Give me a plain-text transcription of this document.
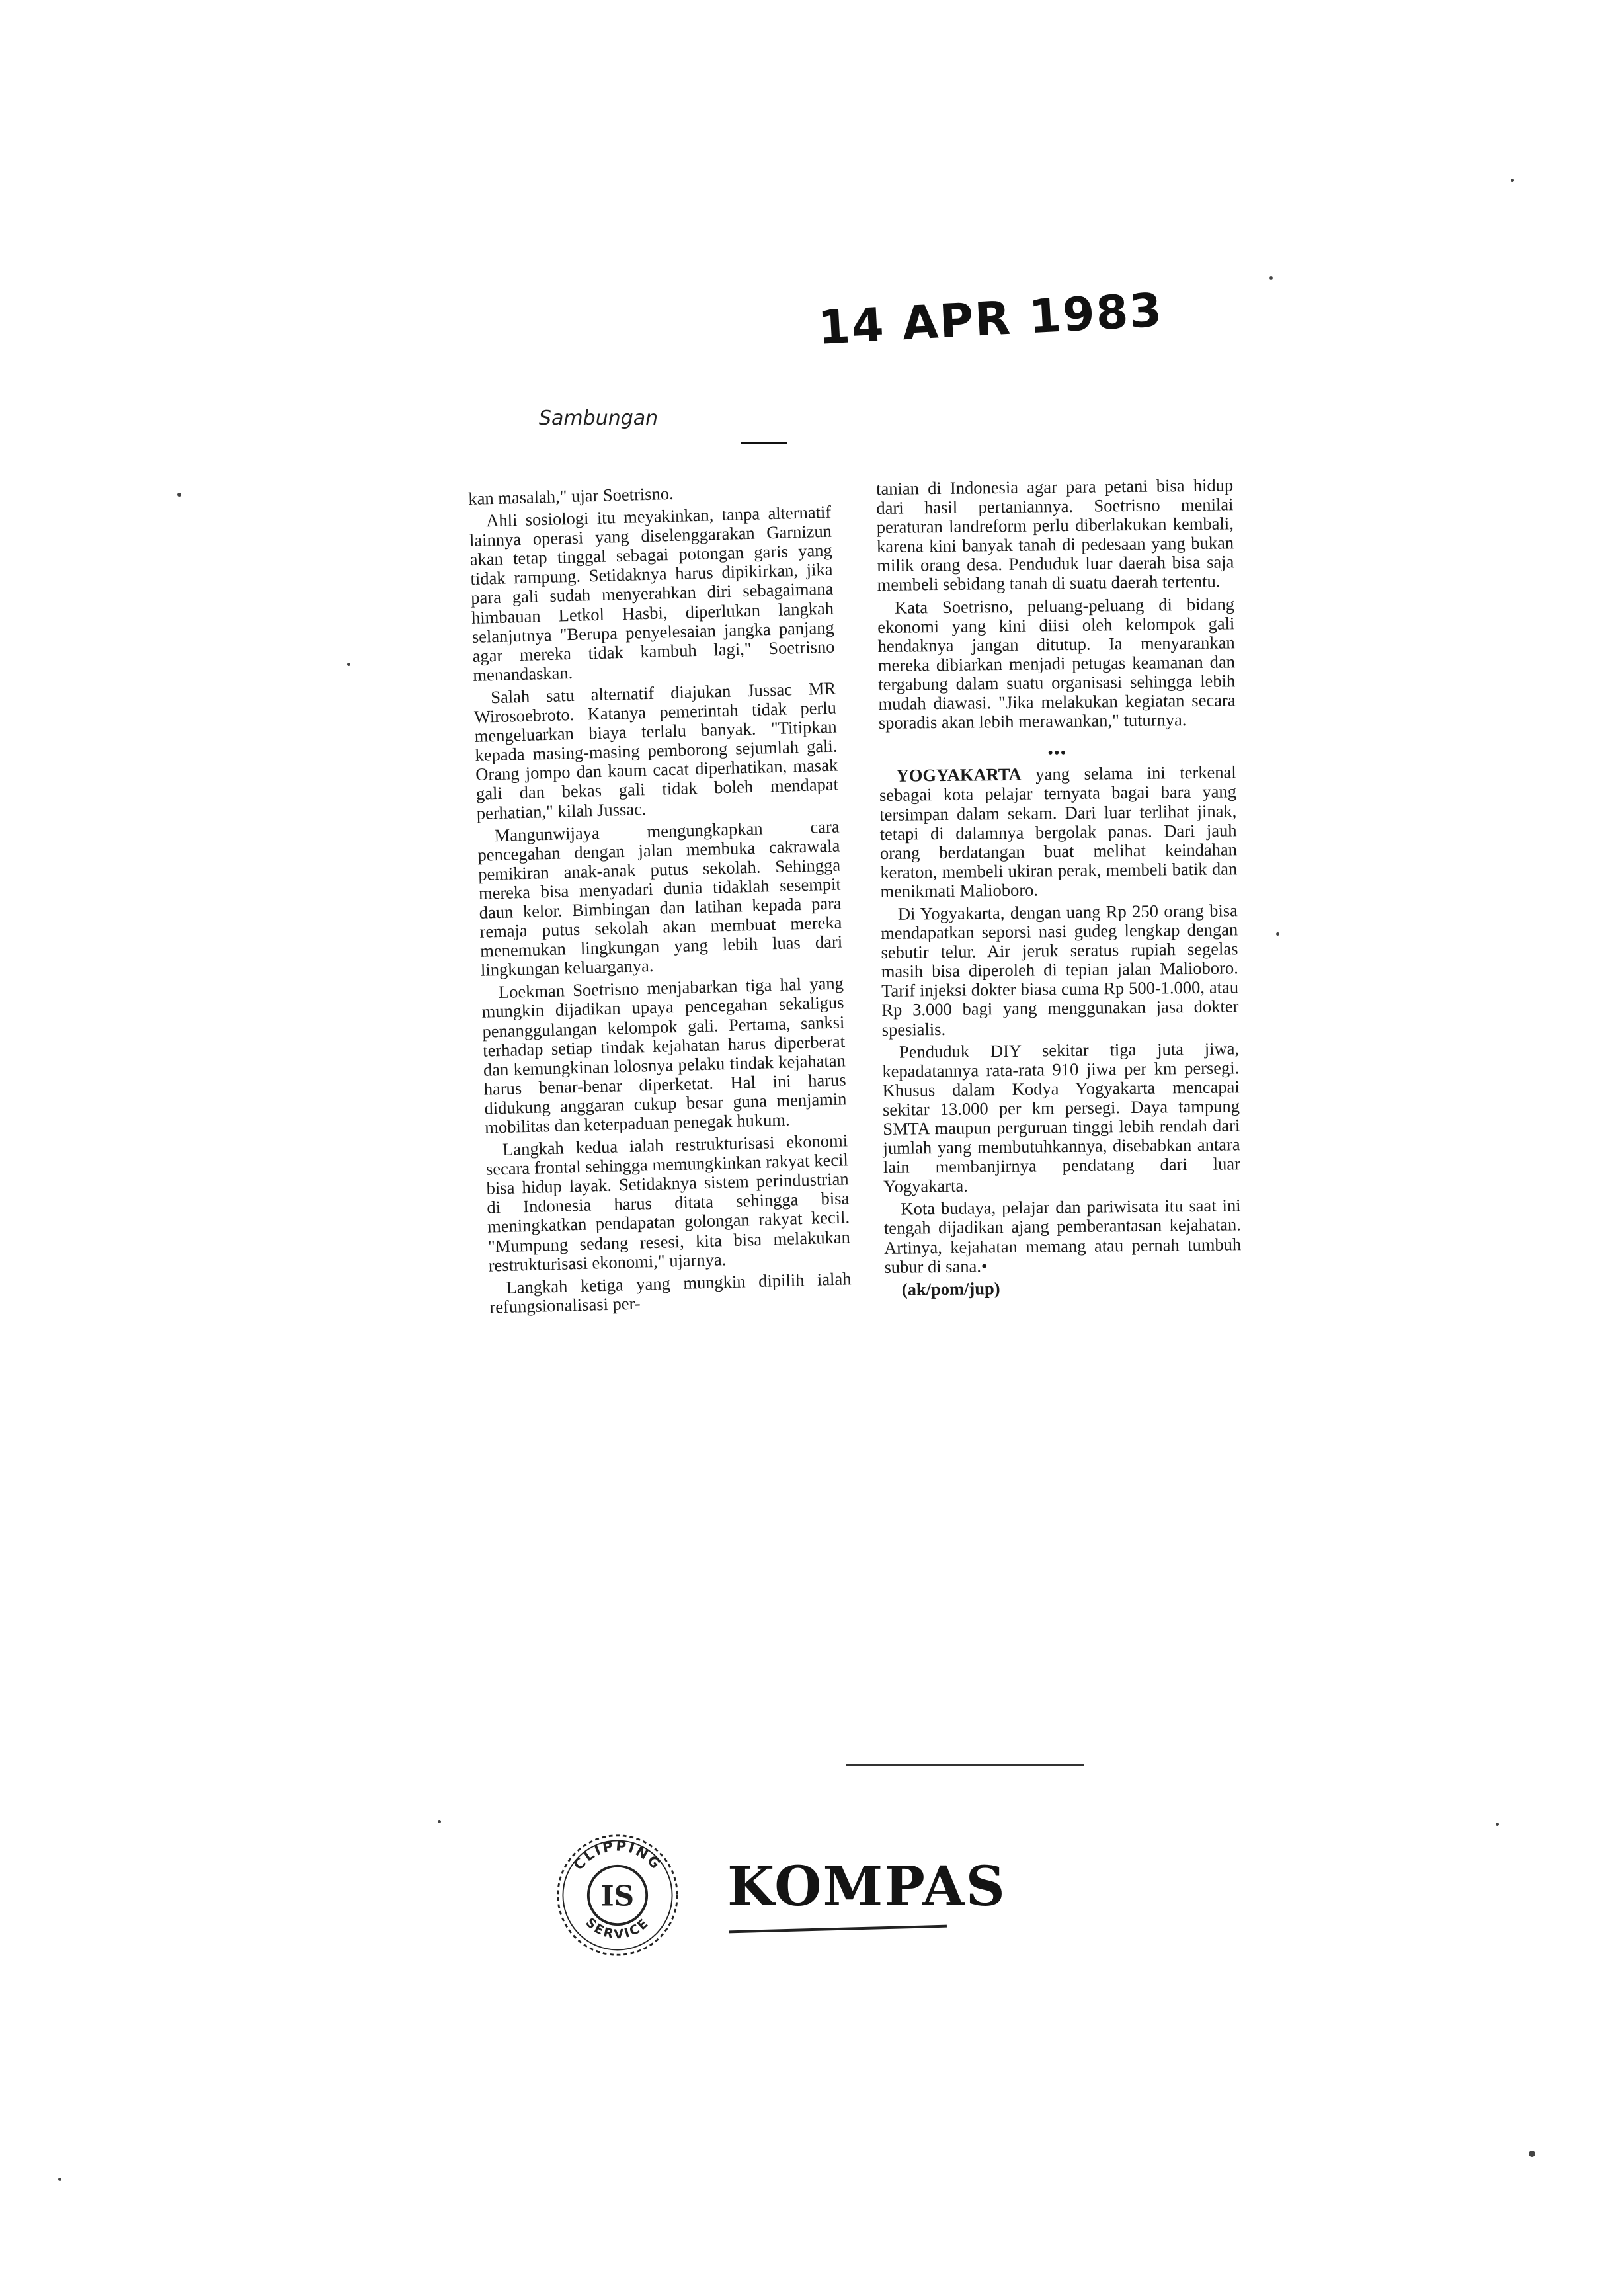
14 APR 1983
Sambungan

kan masalah," ujar Soetrisno.

Ahli sosiologi itu meyakinkan, tanpa alternatif lainnya operasi yang diselenggarakan Garnizun akan tetap tinggal sebagai potongan garis yang tidak rampung. Setidaknya harus dipikirkan, jika para gali sudah menyerahkan diri sebagaimana himbauan Letkol Hasbi, diperlukan langkah selanjutnya "Berupa penyelesaian jangka panjang agar mereka tidak kambuh lagi," Soetrisno menandaskan.

Salah satu alternatif diajukan Jussac MR Wirosoebroto. Katanya pemerintah tidak perlu mengeluarkan biaya terlalu banyak. "Titipkan kepada masing-masing pemborong sejumlah gali. Orang jompo dan kaum cacat diperhatikan, masak gali dan bekas gali tidak boleh mendapat perhatian," kilah Jussac.

Mangunwijaya mengungkapkan cara pencegahan dengan jalan membuka cakrawala pemikiran anak-anak putus sekolah. Sehingga mereka bisa menyadari dunia tidaklah sesempit daun kelor. Bimbingan dan latihan kepada para remaja putus sekolah akan membuat mereka menemukan lingkungan yang lebih luas dari lingkungan keluarganya.

Loekman Soetrisno menjabarkan tiga hal yang mungkin dijadikan upaya pencegahan sekaligus penanggulangan kelompok gali. Pertama, sanksi terhadap setiap tindak kejahatan harus diperberat dan kemungkinan lolosnya pelaku tindak kejahatan harus benar-benar diperketat. Hal ini harus didukung anggaran cukup besar guna menjamin mobilitas dan keterpaduan penegak hukum.

Langkah kedua ialah restrukturisasi ekonomi secara frontal sehingga memungkinkan rakyat kecil bisa hidup layak. Setidaknya sistem perindustrian di Indonesia harus ditata sehingga bisa meningkatkan pendapatan golongan rakyat kecil. "Mumpung sedang resesi, kita bisa melakukan restrukturisasi ekonomi," ujarnya.

Langkah ketiga yang mungkin dipilih ialah refungsionalisasi per-

tanian di Indonesia agar para petani bisa hidup dari hasil pertaniannya. Soetrisno menilai peraturan landreform perlu diberlakukan kembali, karena kini banyak tanah di pedesaan yang bukan milik orang desa. Penduduk luar daerah bisa saja membeli sebidang tanah di suatu daerah tertentu.

Kata Soetrisno, peluang-peluang di bidang ekonomi yang kini diisi oleh kelompok gali hendaknya jangan ditutup. Ia menyarankan mereka dibiarkan menjadi petugas keamanan dan tergabung dalam suatu organisasi sehingga lebih mudah diawasi. "Jika melakukan kegiatan secara sporadis akan lebih merawankan," tuturnya.

•••

YOGYAKARTA yang selama ini terkenal sebagai kota pelajar ternyata bagai bara yang tersimpan dalam sekam. Dari luar terlihat jinak, tetapi di dalamnya bergolak panas. Dari jauh orang berdatangan buat melihat keindahan keraton, membeli ukiran perak, membeli batik dan menikmati Malioboro.

Di Yogyakarta, dengan uang Rp 250 orang bisa mendapatkan seporsi nasi gudeg lengkap dengan sebutir telur. Air jeruk seratus rupiah segelas masih bisa diperoleh di tepian jalan Malioboro. Tarif injeksi dokter biasa cuma Rp 500-1.000, atau Rp 3.000 bagi yang menggunakan jasa dokter spesialis.

Penduduk DIY sekitar tiga juta jiwa, kepadatannya rata-rata 910 jiwa per km persegi. Khusus dalam Kodya Yogyakarta mencapai sekitar 13.000 per km persegi. Daya tampung SMTA maupun perguruan tinggi lebih rendah dari jumlah yang membutuhkannya, disebabkan antara lain membanjirnya pendatang dari luar Yogyakarta.

Kota budaya, pelajar dan pariwisata itu saat ini tengah dijadikan ajang pemberantasan kejahatan. Artinya, kejahatan memang atau pernah tumbuh subur di sana.•

(ak/pom/jup)

CLIPPING
SERVICE
IS KOMPAS
